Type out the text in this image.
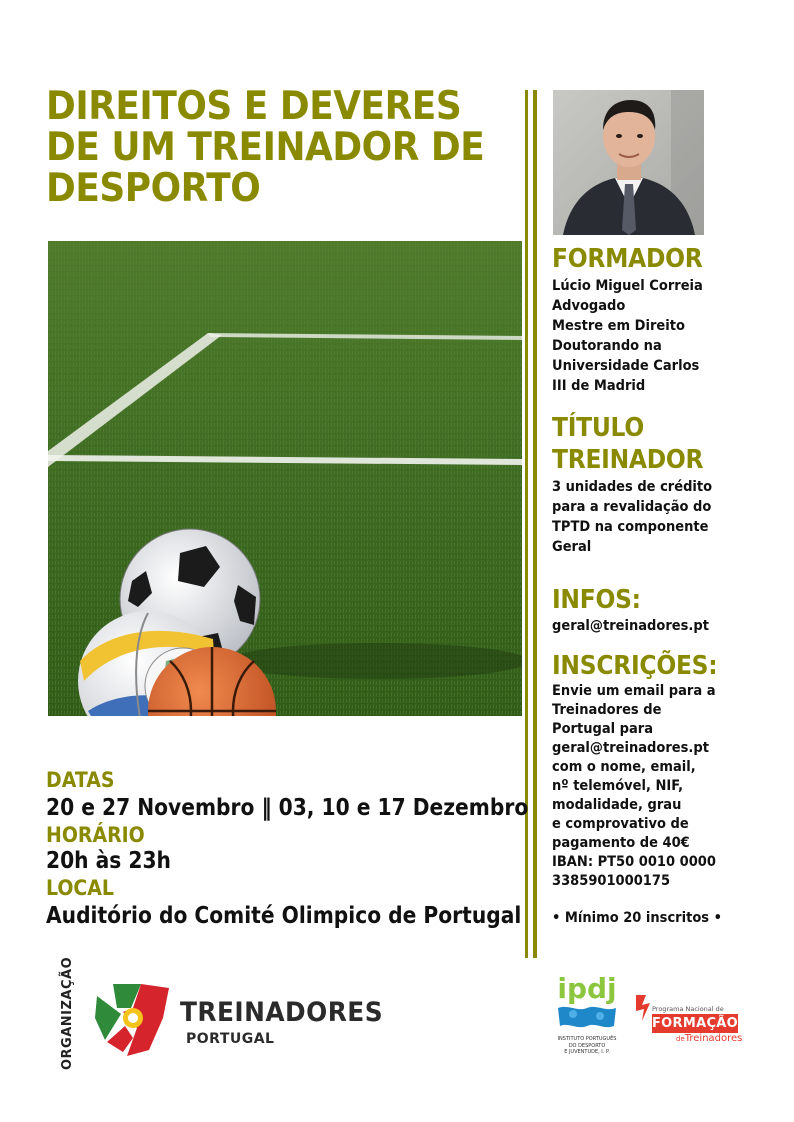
DIREITOS E DEVERES
DE UM TREINADOR DE
DESPORTO
FORMADOR

Lúcio Miguel Correia
Advogado
Mestre em Direito
Doutorando na
Universidade Carlos
III de Madrid

TÍTULO
TREINADOR

3 unidades de crédito
para a revalidação do
TPTD na componente
Geral

INFOS:

geral@treinadores.pt

INSCRIÇÕES:

Envie um email para a
Treinadores de
Portugal para
geral@treinadores.pt
com o nome, email,
nº telemóvel, NIF,
modalidade, grau
e comprovativo de
pagamento de 40€
IBAN: PT50 0010 0000
3385901000175

• Mínimo 20 inscritos •

DATAS

20 e 27 Novembro ‖ 03, 10 e 17 Dezembro

HORÁRIO

20h às 23h

LOCAL

Auditório do Comité Olimpico de Portugal

ORGANIZAÇÃO	TREINADORES
PORTUGAL
ipdj
INSTITUTO PORTUGUÊS
DO DESPORTO
E JUVENTUDE, I. P.
Programa Nacional de
FORMAÇÃO
deTreinadores
